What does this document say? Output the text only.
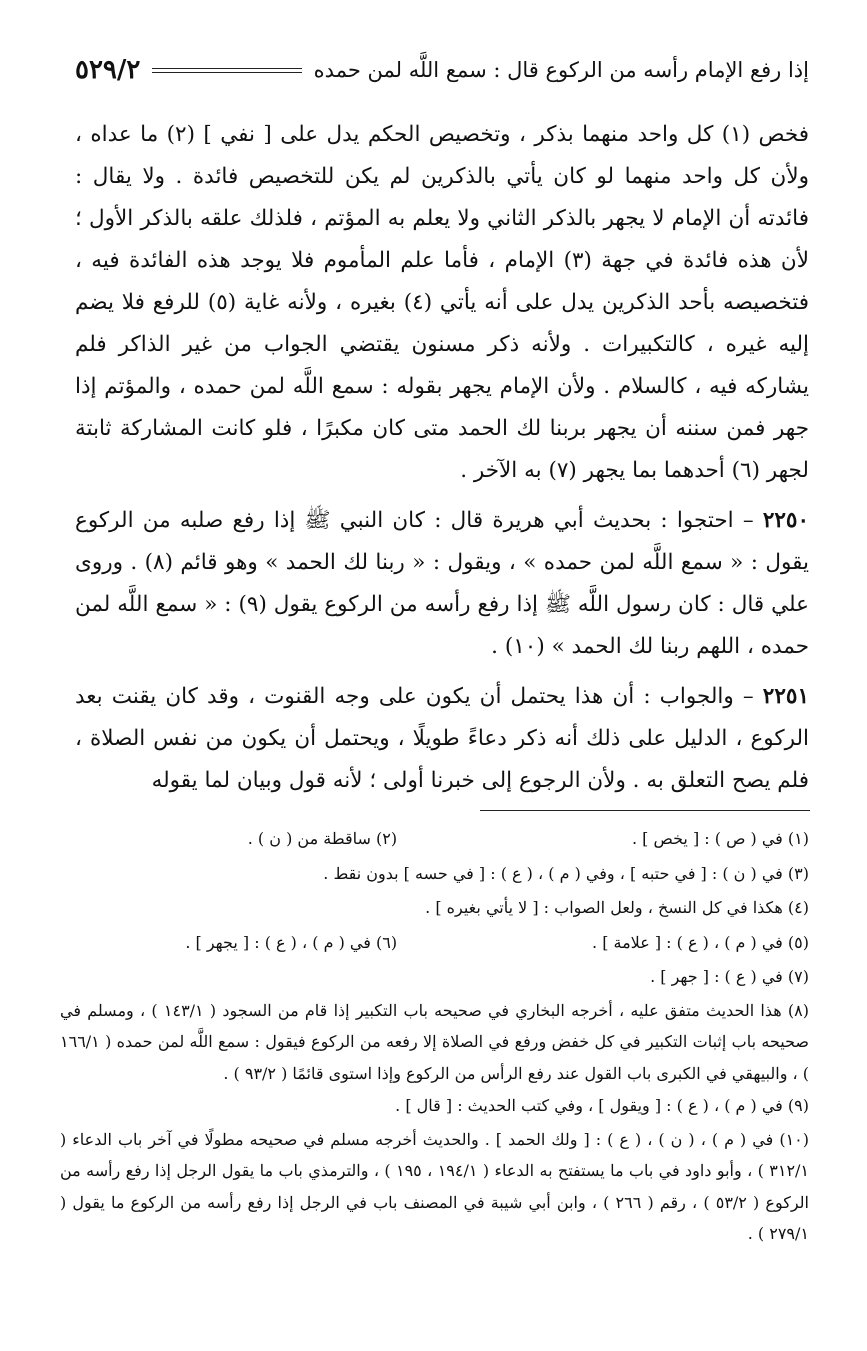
إذا رفع الإمام رأسه من الركوع قال : سمع اللَّه لمن حمده
٥٢٩/٢

فخص (١) كل واحد منهما بذكر ، وتخصيص الحكم يدل على [ نفي ] (٢) ما عداه ، ولأن كل واحد منهما لو كان يأتي بالذكرين لم يكن للتخصيص فائدة . ولا يقال : فائدته أن الإمام لا يجهر بالذكر الثاني ولا يعلم به المؤتم ، فلذلك علقه بالذكر الأول ؛ لأن هذه فائدة في جهة (٣) الإمام ، فأما علم المأموم فلا يوجد هذه الفائدة فيه ، فتخصيصه بأحد الذكرين يدل على أنه يأتي (٤) بغيره ، ولأنه غاية (٥) للرفع فلا يضم إليه غيره ، كالتكبيرات . ولأنه ذكر مسنون يقتضي الجواب من غير الذاكر فلم يشاركه فيه ، كالسلام . ولأن الإمام يجهر بقوله : سمع اللَّه لمن حمده ، والمؤتم إذا جهر فمن سننه أن يجهر بربنا لك الحمد متى كان مكبرًا ، فلو كانت المشاركة ثابتة لجهر (٦) أحدهما بما يجهر (٧) به الآخر .

٢٢٥٠ – احتجوا : بحديث أبي هريرة قال : كان النبي ﷺ إذا رفع صلبه من الركوع يقول : « سمع اللَّه لمن حمده » ، ويقول : « ربنا لك الحمد » وهو قائم (٨) . وروى علي قال : كان رسول اللَّه ﷺ إذا رفع رأسه من الركوع يقول (٩) : « سمع اللَّه لمن حمده ، اللهم ربنا لك الحمد » (١٠) .

٢٢٥١ – والجواب : أن هذا يحتمل أن يكون على وجه القنوت ، وقد كان يقنت بعد الركوع ، الدليل على ذلك أنه ذكر دعاءً طويلًا ، ويحتمل أن يكون من نفس الصلاة ، فلم يصح التعلق به . ولأن الرجوع إلى خبرنا أولى ؛ لأنه قول وبيان لما يقوله

(١) في ( ص ) : [ يخص ] .
(٢) ساقطة من ( ن ) .
(٣) في ( ن ) : [ في حتبه ] ، وفي ( م ) ، ( ع ) : [ في حسه ] بدون نقط .
(٤) هكذا في كل النسخ ، ولعل الصواب : [ لا يأتي بغيره ] .
(٥) في ( م ) ، ( ع ) : [ علامة ] .
(٦) في ( م ) ، ( ع ) : [ يجهر ] .
(٧) في ( ع ) : [ جهر ] .
(٨) هذا الحديث متفق عليه ، أخرجه البخاري في صحيحه باب التكبير إذا قام من السجود ( ١٤٣/١ ) ، ومسلم في صحيحه باب إثبات التكبير في كل خفض ورفع في الصلاة إلا رفعه من الركوع فيقول : سمع اللَّه لمن حمده ( ١٦٦/١ ) ، والبيهقي في الكبرى باب القول عند رفع الرأس من الركوع وإذا استوى قائمًا ( ٩٣/٢ ) .
(٩) في ( م ) ، ( ع ) : [ ويقول ] ، وفي كتب الحديث : [ قال ] .
(١٠) في ( م ) ، ( ن ) ، ( ع ) : [ ولك الحمد ] . والحديث أخرجه مسلم في صحيحه مطولًا في آخر باب الدعاء ( ٣١٢/١ ) ، وأبو داود في باب ما يستفتح به الدعاء ( ١٩٤/١ ، ١٩٥ ) ، والترمذي باب ما يقول الرجل إذا رفع رأسه من الركوع ( ٥٣/٢ ) ، رقم ( ٢٦٦ ) ، وابن أبي شيبة في المصنف باب في الرجل إذا رفع رأسه من الركوع ما يقول ( ٢٧٩/١ ) .
